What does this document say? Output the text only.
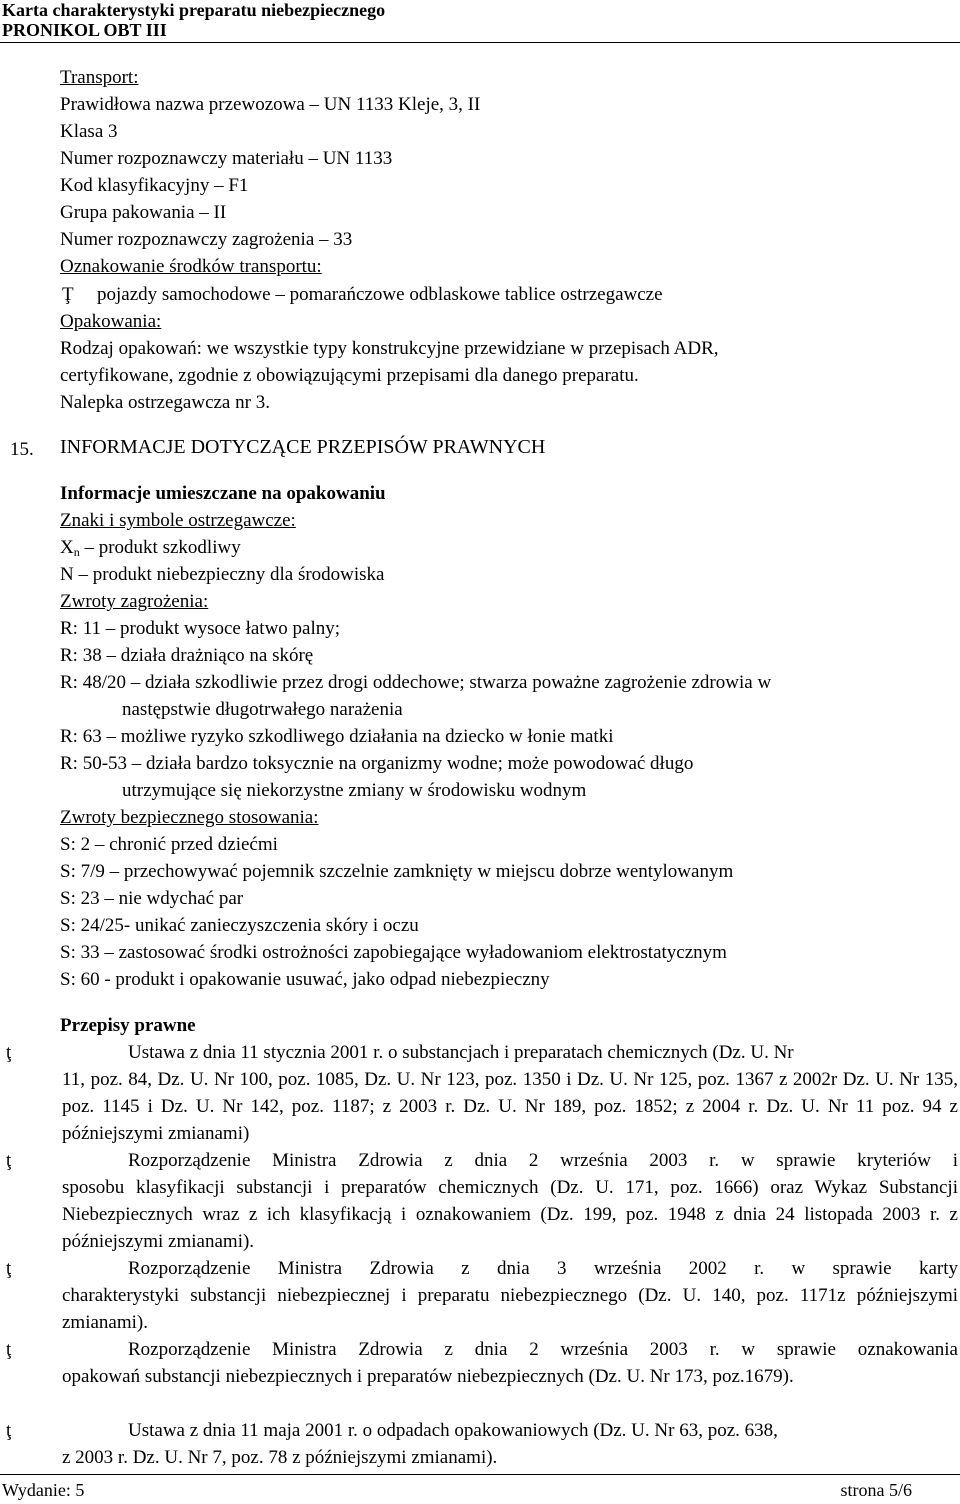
Karta charakterystyki preparatu niebezpiecznego
PRONIKOL OBT III
Transport:
Prawidłowa nazwa przewozowa – UN 1133 Kleje, 3, II
Klasa 3
Numer rozpoznawczy materiału – UN 1133
Kod klasyfikacyjny – F1
Grupa pakowania – II
Numer rozpoznawczy zagrożenia – 33
Oznakowanie środków transportu:
Ţ pojazdy samochodowe – pomarańczowe odblaskowe tablice ostrzegawcze
Opakowania:
Rodzaj opakowań: we wszystkie typy konstrukcyjne przewidziane w przepisach ADR,
certyfikowane, zgodnie z obowiązującymi przepisami dla danego preparatu.
Nalepka ostrzegawcza nr 3.
15. INFORMACJE DOTYCZĄCE PRZEPISÓW PRAWNYCH
Informacje umieszczane na opakowaniu
Znaki i symbole ostrzegawcze:
$X_n$ – produkt szkodliwy
N – produkt niebezpieczny dla środowiska
Zwroty zagrożenia:
R: 11 – produkt wysoce łatwo palny;
R: 38 – działa drażniąco na skórę
R: 48/20 – działa szkodliwie przez drogi oddechowe; stwarza poważne zagrożenie zdrowia w
następstwie długotrwałego narażenia
R: 63 – możliwe ryzyko szkodliwego działania na dziecko w łonie matki
R: 50-53 – działa bardzo toksycznie na organizmy wodne; może powodować długo
utrzymujące się niekorzystne zmiany w środowisku wodnym
Zwroty bezpiecznego stosowania:
S: 2 – chronić przed dziećmi
S: 7/9 – przechowywać pojemnik szczelnie zamknięty w miejscu dobrze wentylowanym
S: 23 – nie wdychać par
S: 24/25- unikać zanieczyszczenia skóry i oczu
S: 33 – zastosować środki ostrożności zapobiegające wyładowaniom elektrostatycznym
S: 60 - produkt i opakowanie usuwać, jako odpad niebezpieczny
Przepisy prawne
ţ	Ustawa z dnia 11 stycznia 2001 r. o substancjach i preparatach chemicznych (Dz. U. Nr
11, poz. 84, Dz. U. Nr 100, poz. 1085, Dz. U. Nr 123, poz. 1350 i Dz. U. Nr 125, poz. 1367 z 2002r Dz. U. Nr 135, poz. 1145 i Dz. U. Nr 142, poz. 1187; z 2003 r. Dz. U. Nr 189, poz. 1852; z 2004 r. Dz. U. Nr 11 poz. 94 z późniejszymi zmianami)
ţ	Rozporządzenie Ministra Zdrowia z dnia 2 września 2003 r. w sprawie kryteriów i
sposobu klasyfikacji substancji i preparatów chemicznych (Dz. U. 171, poz. 1666) oraz Wykaz Substancji Niebezpiecznych wraz z ich klasyfikacją i oznakowaniem (Dz. 199, poz. 1948 z dnia 24 listopada 2003 r. z późniejszymi zmianami).
ţ	Rozporządzenie Ministra Zdrowia z dnia 3 września 2002 r. w sprawie karty
charakterystyki substancji niebezpiecznej i preparatu niebezpiecznego (Dz. U. 140, poz. 1171z późniejszymi zmianami).
ţ	Rozporządzenie Ministra Zdrowia z dnia 2 września 2003 r. w sprawie oznakowania
opakowań substancji niebezpiecznych i preparatów niebezpiecznych (Dz. U. Nr 173, poz.1679).
ţ	Ustawa z dnia 11 maja 2001 r. o odpadach opakowaniowych (Dz. U. Nr 63, poz. 638,
z 2003 r. Dz. U. Nr 7, poz. 78 z późniejszymi zmianami).
Wydanie: 5	strona 5/6
